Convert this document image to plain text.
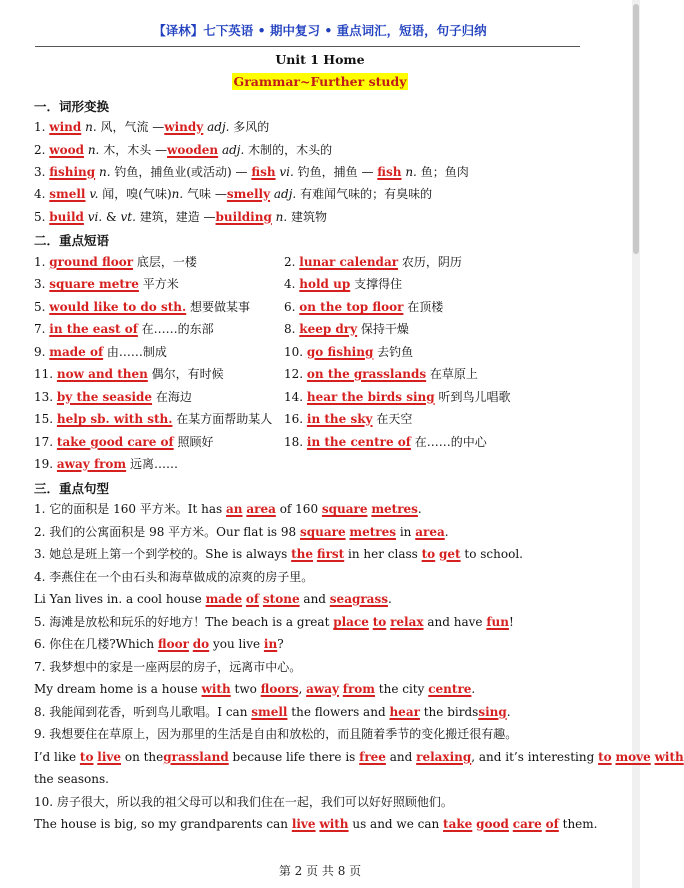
【译林】七下英语 • 期中复习 • 重点词汇，短语，句子归纳
Unit 1 Home
Grammar~Further study
一．词形变换
1. wind n. 风，气流 —windy adj. 多风的
2. wood n. 木，木头 —wooden adj. 木制的，木头的
3. fishing n. 钓鱼，捕鱼业(或活动) — fish vi. 钓鱼，捕鱼 — fish n. 鱼；鱼肉
4. smell v. 闻，嗅(气味)n. 气味 —smelly adj. 有难闻气味的；有臭味的
5. build vi. & vt. 建筑，建造 —building n. 建筑物
二．重点短语
1. ground floor 底层，一楼	2. lunar calendar 农历，阴历
3. square metre 平方米	4. hold up 支撑得住
5. would like to do sth. 想要做某事	6. on the top floor 在顶楼
7. in the east of 在……的东部	8. keep dry 保持干燥
9. made of 由……制成	10. go fishing 去钓鱼
11. now and then 偶尔，有时候	12. on the grasslands 在草原上
13. by the seaside 在海边	14. hear the birds sing 听到鸟儿唱歌
15. help sb. with sth. 在某方面帮助某人 16. in the sky 在天空
17. take good care of 照顾好	18. in the centre of 在……的中心
19. away from 远离……
三．重点句型
1. 它的面积是 160 平方米。It has an area of 160 square metres.
2. 我们的公寓面积是 98 平方米。Our flat is 98 square metres in area.
3. 她总是班上第一个到学校的。She is always the first in her class to get to school.
4. 李燕住在一个由石头和海草做成的凉爽的房子里。
Li Yan lives in. a cool house made of stone and seagrass.
5. 海滩是放松和玩乐的好地方！The beach is a great place to relax and have fun!
6. 你住在几楼?Which floor do you live in?
7. 我梦想中的家是一座两层的房子，远离市中心。
My dream home is a house with two floors, away from the city centre.
8. 我能闻到花香，听到鸟儿歌唱。I can smell the flowers and hear the birdssing.
9. 我想要住在草原上，因为那里的生活是自由和放松的，而且随着季节的变化搬迁很有趣。
I’d like to live on thegrassland because life there is free and relaxing, and it’s interesting to move with
the seasons.
10. 房子很大，所以我的祖父母可以和我们住在一起，我们可以好好照顾他们。
The house is big, so my grandparents can live with us and we can take good care of them.
第 2 页 共 8 页
